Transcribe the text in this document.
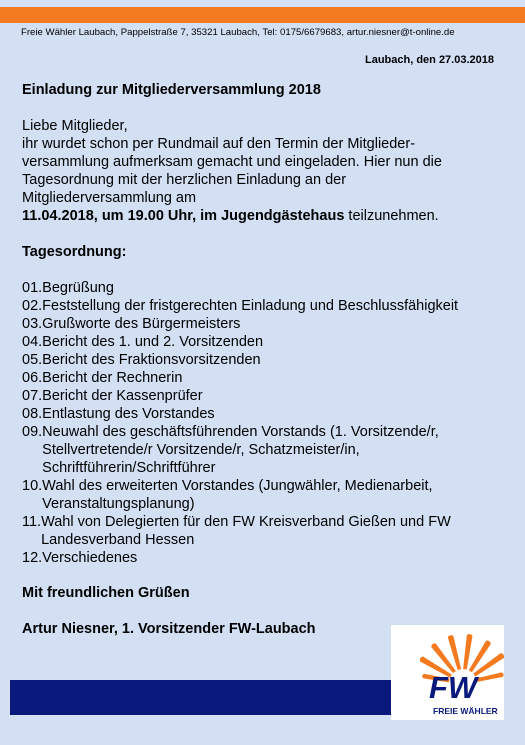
Freie Wähler Laubach, Pappelstraße 7, 35321 Laubach, Tel: 0175/6679683, artur.niesner@t-online.de
Laubach, den 27.03.2018
Einladung zur Mitgliederversammlung 2018
Liebe Mitglieder,
ihr wurdet schon per Rundmail auf den Termin der Mitglieder-
versammlung aufmerksam gemacht und eingeladen. Hier nun die
Tagesordnung mit der herzlichen Einladung an der
Mitgliederversammlung am
11.04.2018, um 19.00 Uhr, im Jugendgästehaus teilzunehmen.
Tagesordnung:
01. Begrüßung
02. Feststellung der fristgerechten Einladung und Beschlussfähigkeit
03. Grußworte des Bürgermeisters
04. Bericht des 1. und 2. Vorsitzenden
05. Bericht des Fraktionsvorsitzenden
06. Bericht der Rechnerin
07. Bericht der Kassenprüfer
08. Entlastung des Vorstandes
09. Neuwahl des geschäftsführenden Vorstands (1. Vorsitzende/r,
Stellvertretende/r Vorsitzende/r, Schatzmeister/in,
Schriftführerin/Schriftführer
10. Wahl des erweiterten Vorstandes (Jungwähler, Medienarbeit,
Veranstaltungsplanung)
11. Wahl von Delegierten für den FW Kreisverband Gießen und FW
Landesverband Hessen
12. Verschiedenes
Mit freundlichen Grüßen
Artur Niesner, 1. Vorsitzender FW-Laubach
FW
FREIE WÄHLER
